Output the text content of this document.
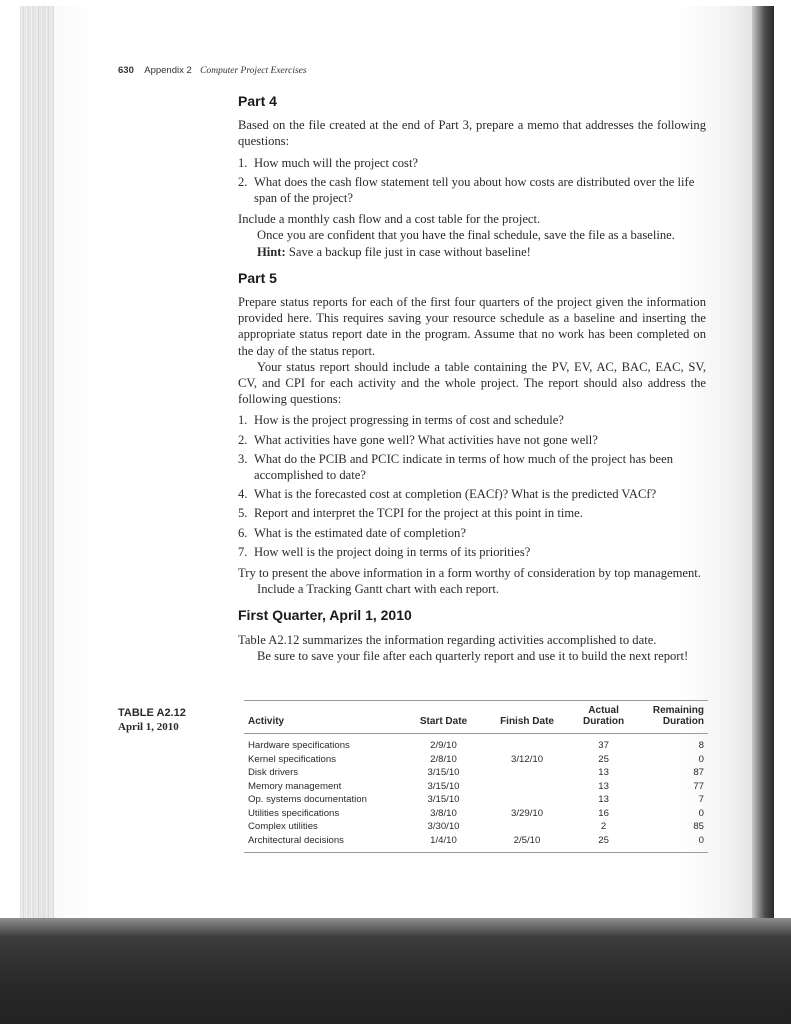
630 Appendix 2 Computer Project Exercises
Part 4

Based on the file created at the end of Part 3, prepare a memo that addresses the following questions:

1. How much will the project cost?
2. What does the cash flow statement tell you about how costs are distributed over the life span of the project?

Include a monthly cash flow and a cost table for the project.

Once you are confident that you have the final schedule, save the file as a baseline.

Hint: Save a backup file just in case without baseline!

Part 5

Prepare status reports for each of the first four quarters of the project given the information provided here. This requires saving your resource schedule as a baseline and inserting the appropriate status report date in the program. Assume that no work has been completed on the day of the status report.

Your status report should include a table containing the PV, EV, AC, BAC, EAC, SV, CV, and CPI for each activity and the whole project. The report should also address the following questions:

1. How is the project progressing in terms of cost and schedule?
2. What activities have gone well? What activities have not gone well?
3. What do the PCIB and PCIC indicate in terms of how much of the project has been accomplished to date?
4. What is the forecasted cost at completion (EACf)? What is the predicted VACf?
5. Report and interpret the TCPI for the project at this point in time.
6. What is the estimated date of completion?
7. How well is the project doing in terms of its priorities?

Try to present the above information in a form worthy of consideration by top management.

Include a Tracking Gantt chart with each report.

First Quarter, April 1, 2010

Table A2.12 summarizes the information regarding activities accomplished to date.

Be sure to save your file after each quarterly report and use it to build the next report!

TABLE A2.12
April 1, 2010	Activity	Start Date	Finish Date	Actual Duration	Remaining Duration
Hardware specifications	2/9/10		37	8
Kernel specifications	2/8/10	3/12/10	25	0
Disk drivers	3/15/10		13	87
Memory management	3/15/10		13	77
Op. systems documentation	3/15/10		13	7
Utilities specifications	3/8/10	3/29/10	16	0
Complex utilities	3/30/10		2	85
Architectural decisions	1/4/10	2/5/10	25	0
